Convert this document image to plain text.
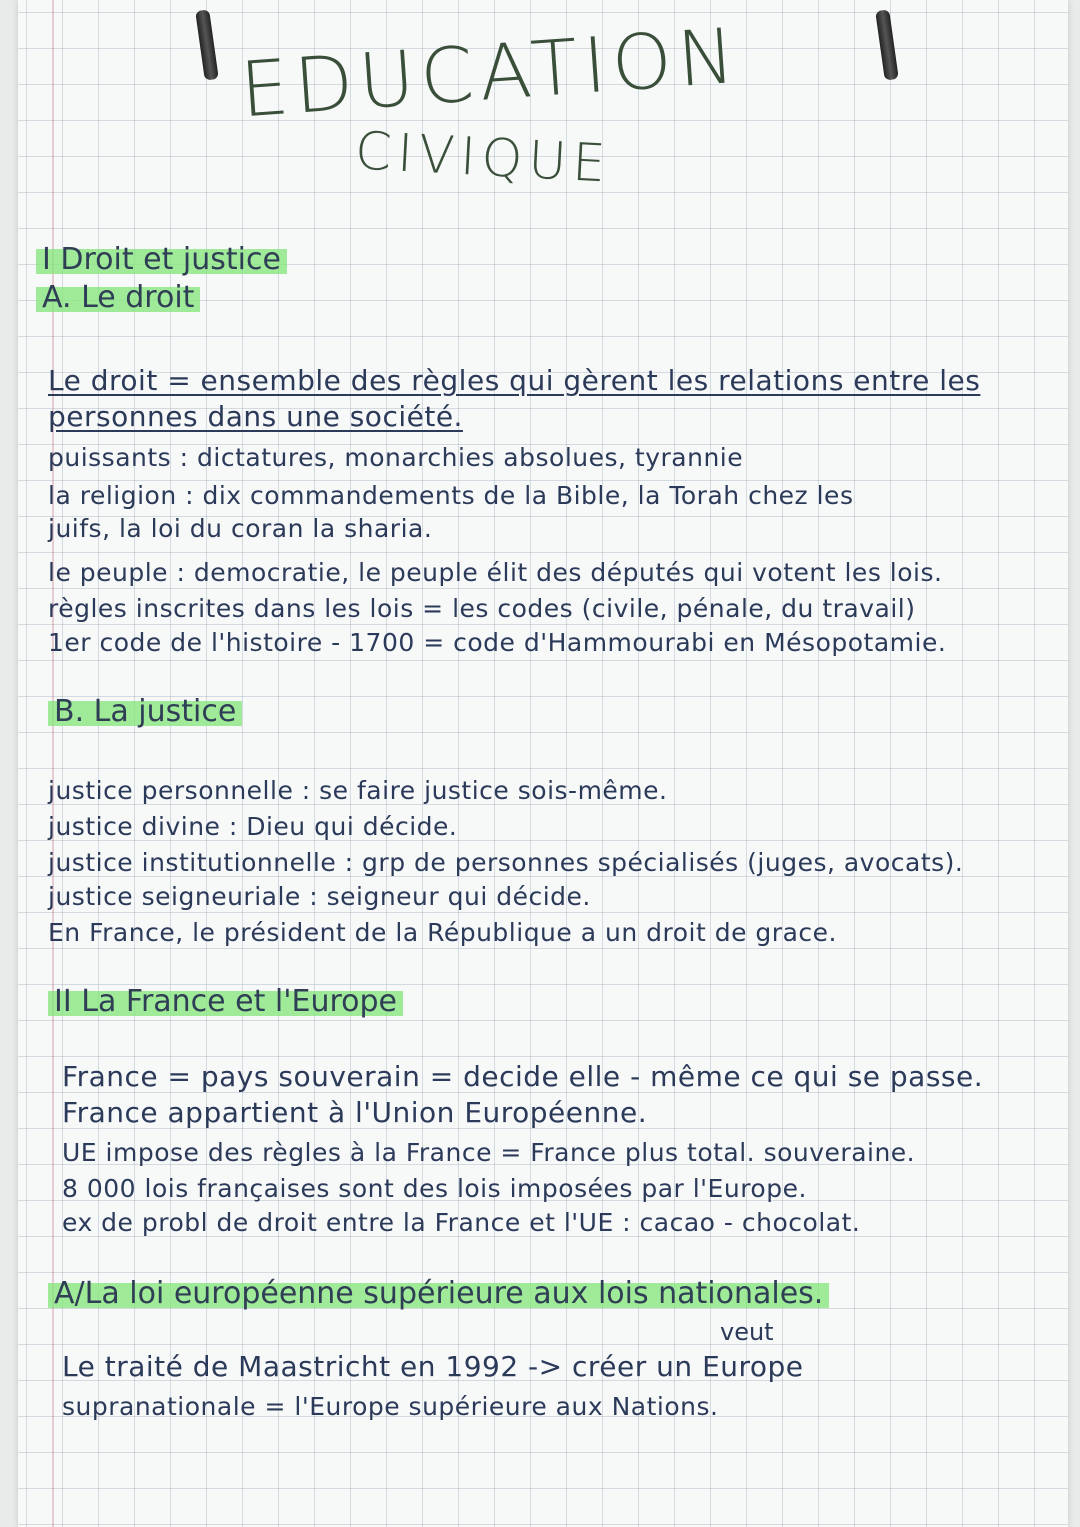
EDUCATION
CIVIQUE
I Droit et justice
A. Le droit
Le droit = ensemble des règles qui gèrent les relations entre les
personnes dans une société.
puissants : dictatures, monarchies absolues, tyrannie
la religion : dix commandements de la Bible, la Torah chez les
juifs, la loi du coran la sharia.
le peuple : democratie, le peuple élit des députés qui votent les lois.
règles inscrites dans les lois = les codes (civile, pénale, du travail)
1er code de l'histoire - 1700 = code d'Hammourabi en Mésopotamie.
B. La justice
justice personnelle : se faire justice sois-même.
justice divine : Dieu qui décide.
justice institutionnelle : grp de personnes spécialisés (juges, avocats).
justice seigneuriale : seigneur qui décide.
En France, le président de la République a un droit de grace.
II La France et l'Europe
France = pays souverain = decide elle - même ce qui se passe.
France appartient à l'Union Européenne.
UE impose des règles à la France = France plus total. souveraine.
8 000 lois françaises sont des lois imposées par l'Europe.
ex de probl de droit entre la France et l'UE : cacao - chocolat.
A/La loi européenne supérieure aux lois nationales.
veut
Le traité de Maastricht en 1992 -> créer un Europe
supranationale = l'Europe supérieure aux Nations.
